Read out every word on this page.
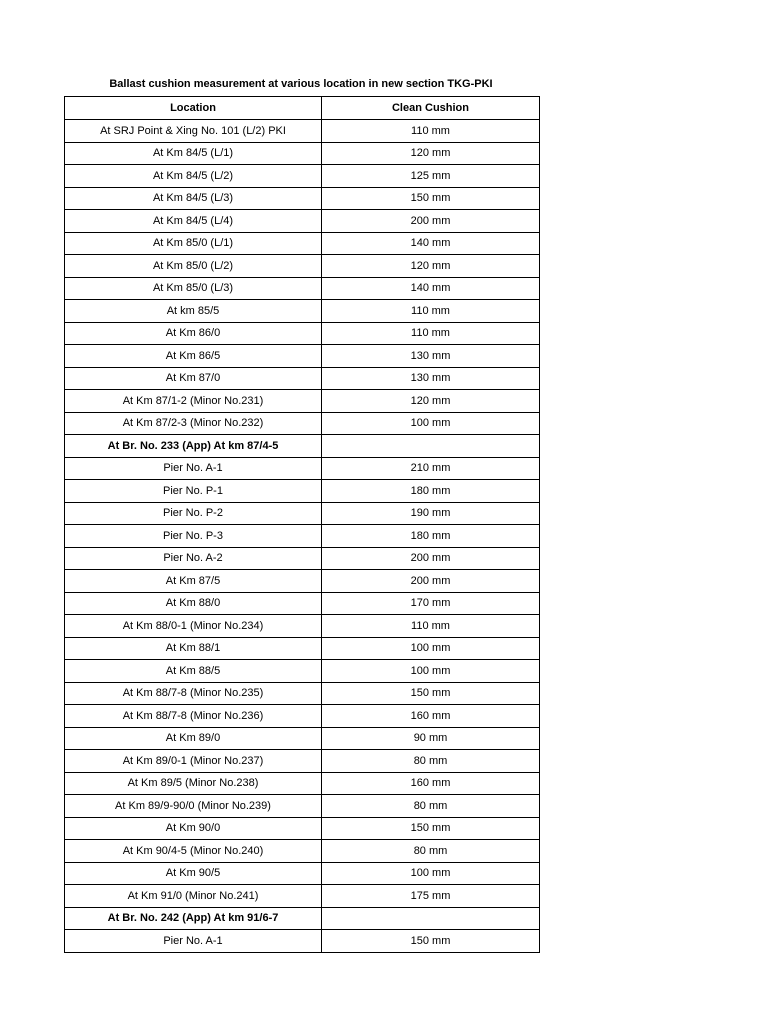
Ballast cushion measurement at various location in new section TKG-PKI
Location	Clean Cushion
At SRJ Point & Xing No. 101 (L/2) PKI	110 mm
At Km 84/5 (L/1)	120 mm
At Km 84/5 (L/2)	125 mm
At Km 84/5 (L/3)	150 mm
At Km 84/5 (L/4)	200 mm
At Km 85/0 (L/1)	140 mm
At Km 85/0 (L/2)	120 mm
At Km 85/0 (L/3)	140 mm
At km 85/5	110 mm
At Km 86/0	110 mm
At Km 86/5	130 mm
At Km 87/0	130 mm
At Km 87/1-2 (Minor No.231)	120 mm
At Km 87/2-3 (Minor No.232)	100 mm
At Br. No. 233 (App) At km 87/4-5	
Pier No. A-1	210 mm
Pier No. P-1	180 mm
Pier No. P-2	190 mm
Pier No. P-3	180 mm
Pier No. A-2	200 mm
At Km 87/5	200 mm
At Km 88/0	170 mm
At Km 88/0-1 (Minor No.234)	110 mm
At Km 88/1	100 mm
At Km 88/5	100 mm
At Km 88/7-8 (Minor No.235)	150 mm
At Km 88/7-8 (Minor No.236)	160 mm
At Km 89/0	90 mm
At Km 89/0-1 (Minor No.237)	80 mm
At Km 89/5 (Minor No.238)	160 mm
At Km 89/9-90/0 (Minor No.239)	80 mm
At Km 90/0	150 mm
At Km 90/4-5 (Minor No.240)	80 mm
At Km 90/5	100 mm
At Km 91/0 (Minor No.241)	175 mm
At Br. No. 242 (App) At km 91/6-7	
Pier No. A-1	150 mm
